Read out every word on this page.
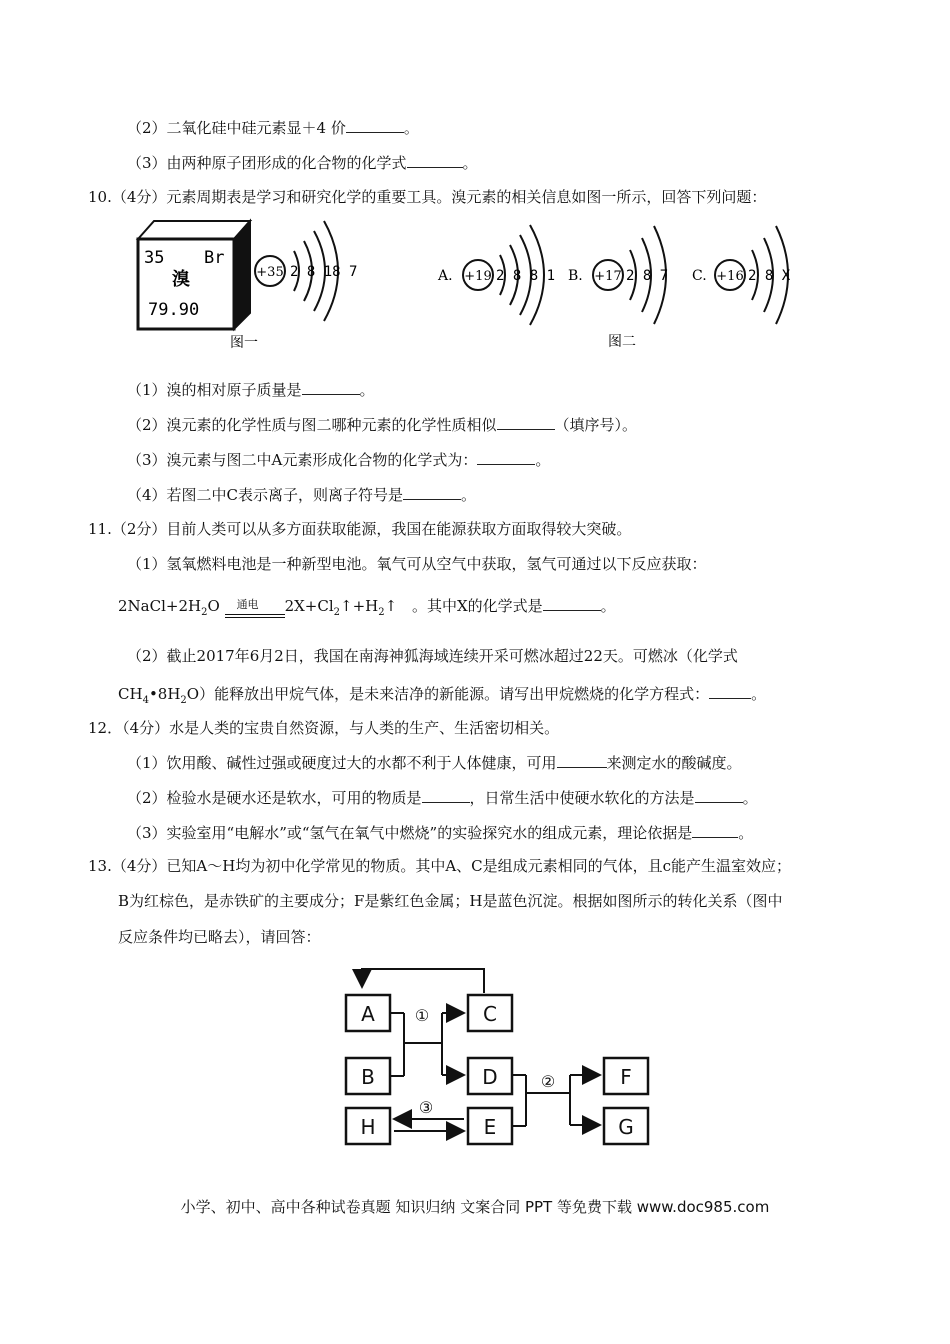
（2）二氧化硅中硅元素显＋4 价	。
（3）由两种原子团形成的化合物的化学式	。
10.（4分）元素周期表是学习和研究化学的重要工具。溴元素的相关信息如图一所示，回答下列问题：
35 Br
溴
79.90
+35 2 8 18 7
图一
A. +19 2 8 8 1 B. +17 2 8 7 C. +16 2 8 X
图二
（1）溴的相对原子质量是	。
（2）溴元素的化学性质与图二哪种元素的化学性质相似	（填序号）。
（3）溴元素与图二中A元素形成化合物的化学式为：	。
（4）若图二中C表示离子，则离子符号是	。
11.（2分）目前人类可以从多方面获取能源，我国在能源获取方面取得较大突破。
（1）氢氧燃料电池是一种新型电池。氧气可从空气中获取，氢气可通过以下反应获取：
$2NaCl+2H_2O$ 通电 $2X+Cl_2↑+H_2↑$ 。其中X的化学式是	。
（2）截止2017年6月2日，我国在南海神狐海域连续开采可燃冰超过22天。可燃冰（化学式
$CH_4•8H_2O$）能释放出甲烷气体，是未来洁净的新能源。请写出甲烷燃烧的化学方程式：	。
12．（4分）水是人类的宝贵自然资源，与人类的生产、生活密切相关。
（1）饮用酸、碱性过强或硬度过大的水都不利于人体健康，可用	来测定水的酸碱度。
（2）检验水是硬水还是软水，可用的物质是	，日常生活中使硬水软化的方法是	。
（3）实验室用“电解水”或“氢气在氧气中燃烧”的实验探究水的组成元素，理论依据是	。
13.（4分）已知A～H均为初中化学常见的物质。其中A、C是组成元素相同的气体，且c能产生温室效应；
B为红棕色，是赤铁矿的主要成分；F是紫红色金属；H是蓝色沉淀。根据如图所示的转化关系（图中
反应条件均已略去），请回答：
A
B
C
D
E
F
G
H
①
②
③
小学、初中、高中各种试卷真题 知识归纳 文案合同 PPT 等免费下载 www.doc985.com
